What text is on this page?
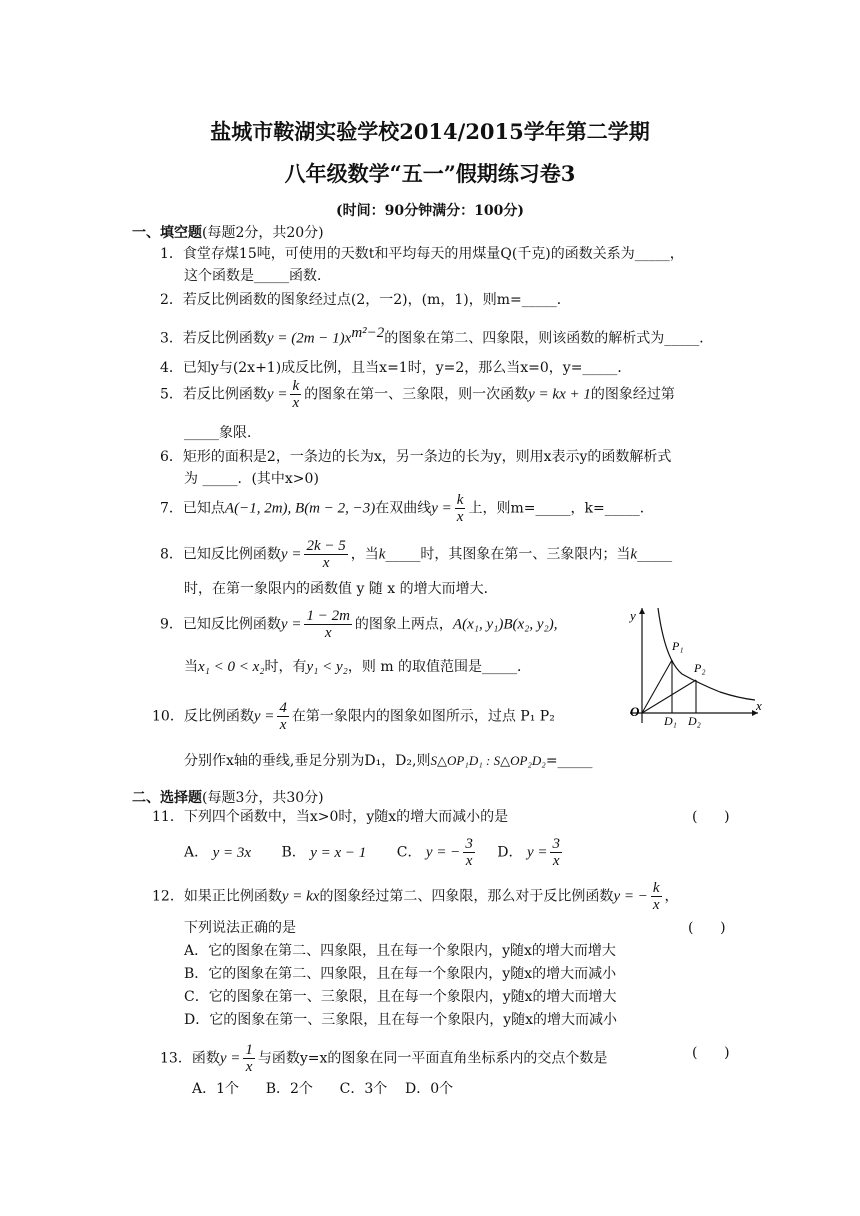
盐城市鞍湖实验学校2014/2015学年第二学期
八年级数学“五一”假期练习卷3
(时间：90分钟满分：100分)
一、填空题(每题2分，共20分)
1．食堂存煤15吨，可使用的天数t和平均每天的用煤量Q(千克)的函数关系为_____，
这个函数是_____函数．
2．若反比例函数的图象经过点(2，一2)，(m，1)，则m=_____．
3．若反比例函数$y = (2m - 1)x^{m^2-2}$的图象在第二、四象限，则该函数的解析式为_____．
4．已知y与(2x+1)成反比例，且当x=1时，y=2，那么当x=0，y=_____．
5．若反比例函数$y = \frac{k}{x}$ 的图象在第一、三象限，则一次函数y = kx + 1的图象经过第
_____象限．
6．矩形的面积是2，一条边的长为x，另一条边的长为y，则用x表示y的函数解析式
为 _____．(其中x>0)
7．已知点A(−1, 2m), B(m − 2, −3)在双曲线$y = \frac{k}{x}$ 上，则m=_____，k=_____．
8．已知反比例函数$y = \frac{2k - 5}{x}$ ，当k_____时，其图象在第一、三象限内；当k_____
时，在第一象限内的函数值 y 随 x 的增大而增大．
9．已知反比例函数$y = \frac{1 - 2m}{x}$ 的图象上两点，A(x₁, y₁)B(x₂, y₂),
当x₁ < 0 < x₂时，有y₁ < y₂，则 m 的取值范围是_____．
10．反比例函数$y = \frac{4}{x}$ 在第一象限内的图象如图所示，过点 P₁ P₂
分别作x轴的垂线,垂足分别为D₁，D₂,则S△OP₁D₁ : S△OP₂D₂=_____
y
x
O
P₁
P₂
D₁ D₂
二、选择题(每题3分，共30分)
11．下列四个函数中，当x>0时，y随x的增大而减小的是	(      )
A． y = 3x B． y = x − 1 C． y = − $\frac{3}{x}$ D． $y = \frac{3}{x}$
12．如果正比例函数y = kx的图象经过第二、四象限，那么对于反比例函数y = − $\frac{k}{x}$ ，
下列说法正确的是	(      )
A．它的图象在第二、四象限，且在每一个象限内，y随x的增大而增大
B．它的图象在第二、四象限，且在每一个象限内，y随x的增大而减小
C．它的图象在第一、三象限，且在每一个象限内，y随x的增大而增大
D．它的图象在第一、三象限，且在每一个象限内，y随x的增大而减小
13．函数$y = \frac{1}{x}$ 与函数y=x的图象在同一平面直角坐标系内的交点个数是	(      )
A．1个      B．2个      C．3个    D．0个
